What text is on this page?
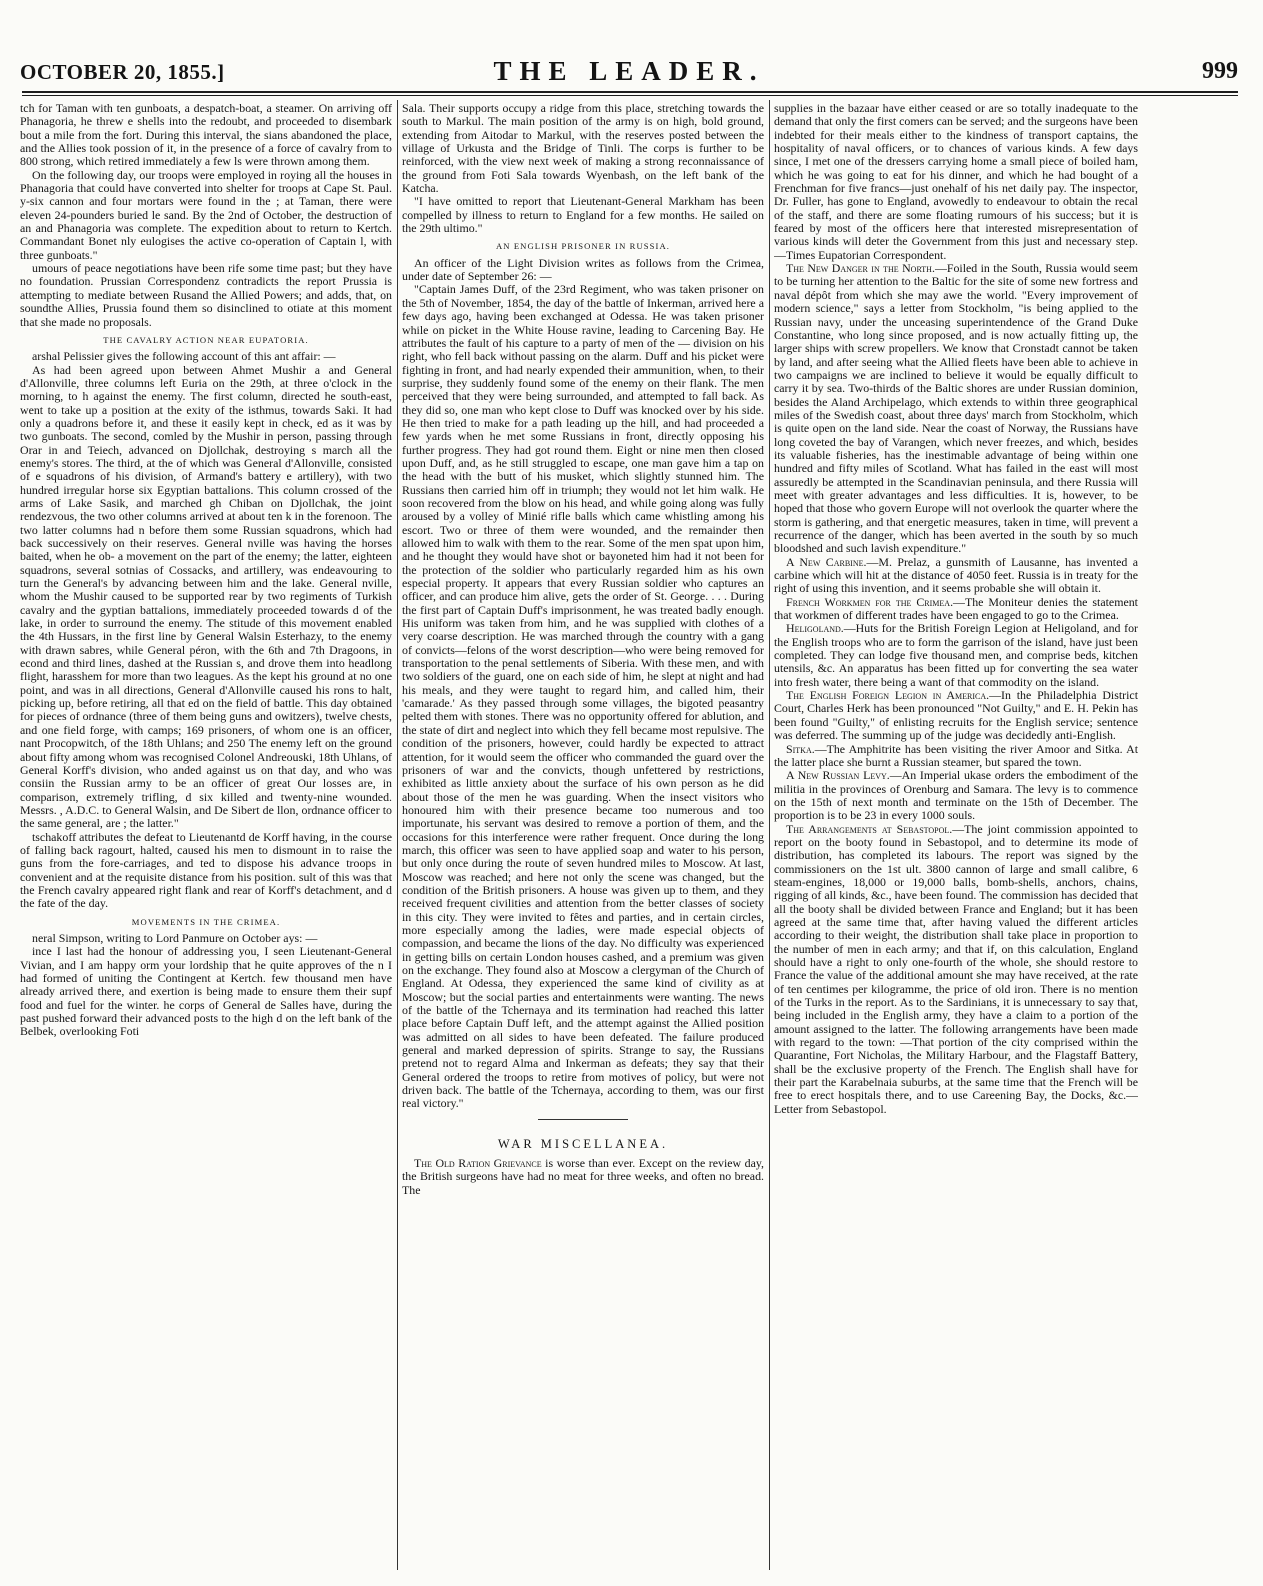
OCTOBER 20, 1855.]	THE LEADER.	999

tch for Taman with ten gunboats, a despatch-boat, a steamer. On arriving off Phanagoria, he threw e shells into the redoubt, and proceeded to disembark bout a mile from the fort. During this interval, the sians abandoned the place, and the Allies took possion of it, in the presence of a force of cavalry from to 800 strong, which retired immediately a few ls were thrown among them.

On the following day, our troops were employed in roying all the houses in Phanagoria that could have converted into shelter for troops at Cape St. Paul. y-six cannon and four mortars were found in the ; at Taman, there were eleven 24-pounders buried le sand. By the 2nd of October, the destruction of an and Phanagoria was complete. The expedition about to return to Kertch. Commandant Bonet nly eulogises the active co-operation of Captain l, with three gunboats."

umours of peace negotiations have been rife some time past; but they have no foundation. Prussian Correspondenz contradicts the report Prussia is attempting to mediate between Rusand the Allied Powers; and adds, that, on soundthe Allies, Prussia found them so disinclined to otiate at this moment that she made no proposals.

THE CAVALRY ACTION NEAR EUPATORIA.

arshal Pelissier gives the following account of this ant affair: —

As had been agreed upon between Ahmet Mushir a and General d'Allonville, three columns left Euria on the 29th, at three o'clock in the morning, to h against the enemy. The first column, directed he south-east, went to take up a position at the exity of the isthmus, towards Saki. It had only a quadrons before it, and these it easily kept in check, ed as it was by two gunboats. The second, comled by the Mushir in person, passing through Orar in and Teiech, advanced on Djollchak, destroying s march all the enemy's stores. The third, at the of which was General d'Allonville, consisted of e squadrons of his division, of Armand's battery e artillery), with two hundred irregular horse six Egyptian battalions. This column crossed of the arms of Lake Sasik, and marched gh Chiban on Djollchak, the joint rendezvous, the two other columns arrived at about ten k in the forenoon. The two latter columns had n before them some Russian squadrons, which had back successively on their reserves. General nville was having the horses baited, when he ob- a movement on the part of the enemy; the latter, eighteen squadrons, several sotnias of Cossacks, and artillery, was endeavouring to turn the General's by advancing between him and the lake. General nville, whom the Mushir caused to be supported rear by two regiments of Turkish cavalry and the gyptian battalions, immediately proceeded towards d of the lake, in order to surround the enemy. The stitude of this movement enabled the 4th Hussars, in the first line by General Walsin Esterhazy, to the enemy with drawn sabres, while General péron, with the 6th and 7th Dragoons, in econd and third lines, dashed at the Russian s, and drove them into headlong flight, harasshem for more than two leagues. As the kept his ground at no one point, and was in all directions, General d'Allonville caused his rons to halt, picking up, before retiring, all that ed on the field of battle. This day obtained for pieces of ordnance (three of them being guns and owitzers), twelve chests, and one field forge, with camps; 169 prisoners, of whom one is an officer, nant Procopwitch, of the 18th Uhlans; and 250 The enemy left on the ground about fifty among whom was recognised Colonel Andreouski, 18th Uhlans, of General Korff's division, who anded against us on that day, and who was consiin the Russian army to be an officer of great Our losses are, in comparison, extremely trifling, d six killed and twenty-nine wounded. Messrs. , A.D.C. to General Walsin, and De Sibert de llon, ordnance officer to the same general, are ; the latter."

tschakoff attributes the defeat to Lieutenantd de Korff having, in the course of falling back ragourt, halted, caused his men to dismount in to raise the guns from the fore-carriages, and ted to dispose his advance troops in convenient and at the requisite distance from his position. sult of this was that the French cavalry appeared right flank and rear of Korff's detachment, and d the fate of the day.

MOVEMENTS IN THE CRIMEA.

neral Simpson, writing to Lord Panmure on October ays: —

ince I last had the honour of addressing you, I seen Lieutenant-General Vivian, and I am happy orm your lordship that he quite approves of the n I had formed of uniting the Contingent at Kertch. few thousand men have already arrived there, and exertion is being made to ensure them their supf food and fuel for the winter. he corps of General de Salles have, during the past pushed forward their advanced posts to the high d on the left bank of the Belbek, overlooking Foti

Sala. Their supports occupy a ridge from this place, stretching towards the south to Markul. The main position of the army is on high, bold ground, extending from Aitodar to Markul, with the reserves posted between the village of Urkusta and the Bridge of Tinli. The corps is further to be reinforced, with the view next week of making a strong reconnaissance of the ground from Foti Sala towards Wyenbash, on the left bank of the Katcha.

"I have omitted to report that Lieutenant-General Markham has been compelled by illness to return to England for a few months. He sailed on the 29th ultimo."

AN ENGLISH PRISONER IN RUSSIA.

An officer of the Light Division writes as follows from the Crimea, under date of September 26: —

"Captain James Duff, of the 23rd Regiment, who was taken prisoner on the 5th of November, 1854, the day of the battle of Inkerman, arrived here a few days ago, having been exchanged at Odessa. He was taken prisoner while on picket in the White House ravine, leading to Carcening Bay. He attributes the fault of his capture to a party of men of the — division on his right, who fell back without passing on the alarm. Duff and his picket were fighting in front, and had nearly expended their ammunition, when, to their surprise, they suddenly found some of the enemy on their flank. The men perceived that they were being surrounded, and attempted to fall back. As they did so, one man who kept close to Duff was knocked over by his side. He then tried to make for a path leading up the hill, and had proceeded a few yards when he met some Russians in front, directly opposing his further progress. They had got round them. Eight or nine men then closed upon Duff, and, as he still struggled to escape, one man gave him a tap on the head with the butt of his musket, which slightly stunned him. The Russians then carried him off in triumph; they would not let him walk. He soon recovered from the blow on his head, and while going along was fully aroused by a volley of Minié rifle balls which came whistling among his escort. Two or three of them were wounded, and the remainder then allowed him to walk with them to the rear. Some of the men spat upon him, and he thought they would have shot or bayoneted him had it not been for the protection of the soldier who particularly regarded him as his own especial property. It appears that every Russian soldier who captures an officer, and can produce him alive, gets the order of St. George. . . . During the first part of Captain Duff's imprisonment, he was treated badly enough. His uniform was taken from him, and he was supplied with clothes of a very coarse description. He was marched through the country with a gang of convicts—felons of the worst description—who were being removed for transportation to the penal settlements of Siberia. With these men, and with two soldiers of the guard, one on each side of him, he slept at night and had his meals, and they were taught to regard him, and called him, their 'camarade.' As they passed through some villages, the bigoted peasantry pelted them with stones. There was no opportunity offered for ablution, and the state of dirt and neglect into which they fell became most repulsive. The condition of the prisoners, however, could hardly be expected to attract attention, for it would seem the officer who commanded the guard over the prisoners of war and the convicts, though unfettered by restrictions, exhibited as little anxiety about the surface of his own person as he did about those of the men he was guarding. When the insect visitors who honoured him with their presence became too numerous and too importunate, his servant was desired to remove a portion of them, and the occasions for this interference were rather frequent. Once during the long march, this officer was seen to have applied soap and water to his person, but only once during the route of seven hundred miles to Moscow. At last, Moscow was reached; and here not only the scene was changed, but the condition of the British prisoners. A house was given up to them, and they received frequent civilities and attention from the better classes of society in this city. They were invited to fêtes and parties, and in certain circles, more especially among the ladies, were made especial objects of compassion, and became the lions of the day. No difficulty was experienced in getting bills on certain London houses cashed, and a premium was given on the exchange. They found also at Moscow a clergyman of the Church of England. At Odessa, they experienced the same kind of civility as at Moscow; but the social parties and entertainments were wanting. The news of the battle of the Tchernaya and its termination had reached this latter place before Captain Duff left, and the attempt against the Allied position was admitted on all sides to have been defeated. The failure produced general and marked depression of spirits. Strange to say, the Russians pretend not to regard Alma and Inkerman as defeats; they say that their General ordered the troops to retire from motives of policy, but were not driven back. The battle of the Tchernaya, according to them, was our first real victory."

WAR MISCELLANEA.

The Old Ration Grievance is worse than ever. Except on the review day, the British surgeons have had no meat for three weeks, and often no bread. The

supplies in the bazaar have either ceased or are so totally inadequate to the demand that only the first comers can be served; and the surgeons have been indebted for their meals either to the kindness of transport captains, the hospitality of naval officers, or to chances of various kinds. A few days since, I met one of the dressers carrying home a small piece of boiled ham, which he was going to eat for his dinner, and which he had bought of a Frenchman for five francs—just onehalf of his net daily pay. The inspector, Dr. Fuller, has gone to England, avowedly to endeavour to obtain the recal of the staff, and there are some floating rumours of his success; but it is feared by most of the officers here that interested misrepresentation of various kinds will deter the Government from this just and necessary step.—Times Eupatorian Correspondent.

The New Danger in the North.—Foiled in the South, Russia would seem to be turning her attention to the Baltic for the site of some new fortress and naval dépôt from which she may awe the world. "Every improvement of modern science," says a letter from Stockholm, "is being applied to the Russian navy, under the unceasing superintendence of the Grand Duke Constantine, who long since proposed, and is now actually fitting up, the larger ships with screw propellers. We know that Cronstadt cannot be taken by land, and after seeing what the Allied fleets have been able to achieve in two campaigns we are inclined to believe it would be equally difficult to carry it by sea. Two-thirds of the Baltic shores are under Russian dominion, besides the Aland Archipelago, which extends to within three geographical miles of the Swedish coast, about three days' march from Stockholm, which is quite open on the land side. Near the coast of Norway, the Russians have long coveted the bay of Varangen, which never freezes, and which, besides its valuable fisheries, has the inestimable advantage of being within one hundred and fifty miles of Scotland. What has failed in the east will most assuredly be attempted in the Scandinavian peninsula, and there Russia will meet with greater advantages and less difficulties. It is, however, to be hoped that those who govern Europe will not overlook the quarter where the storm is gathering, and that energetic measures, taken in time, will prevent a recurrence of the danger, which has been averted in the south by so much bloodshed and such lavish expenditure."

A New Carbine.—M. Prelaz, a gunsmith of Lausanne, has invented a carbine which will hit at the distance of 4050 feet. Russia is in treaty for the right of using this invention, and it seems probable she will obtain it.

French Workmen for the Crimea.—The Moniteur denies the statement that workmen of different trades have been engaged to go to the Crimea.

Heligoland.—Huts for the British Foreign Legion at Heligoland, and for the English troops who are to form the garrison of the island, have just been completed. They can lodge five thousand men, and comprise beds, kitchen utensils, &c. An apparatus has been fitted up for converting the sea water into fresh water, there being a want of that commodity on the island.

The English Foreign Legion in America.—In the Philadelphia District Court, Charles Herk has been pronounced "Not Guilty," and E. H. Pekin has been found "Guilty," of enlisting recruits for the English service; sentence was deferred. The summing up of the judge was decidedly anti-English.

Sitka.—The Amphitrite has been visiting the river Amoor and Sitka. At the latter place she burnt a Russian steamer, but spared the town.

A New Russian Levy.—An Imperial ukase orders the embodiment of the militia in the provinces of Orenburg and Samara. The levy is to commence on the 15th of next month and terminate on the 15th of December. The proportion is to be 23 in every 1000 souls.

The Arrangements at Sebastopol.—The joint commission appointed to report on the booty found in Sebastopol, and to determine its mode of distribution, has completed its labours. The report was signed by the commissioners on the 1st ult. 3800 cannon of large and small calibre, 6 steam-engines, 18,000 or 19,000 balls, bomb-shells, anchors, chains, rigging of all kinds, &c., have been found. The commission has decided that all the booty shall be divided between France and England; but it has been agreed at the same time that, after having valued the different articles according to their weight, the distribution shall take place in proportion to the number of men in each army; and that if, on this calculation, England should have a right to only one-fourth of the whole, she should restore to France the value of the additional amount she may have received, at the rate of ten centimes per kilogramme, the price of old iron. There is no mention of the Turks in the report. As to the Sardinians, it is unnecessary to say that, being included in the English army, they have a claim to a portion of the amount assigned to the latter. The following arrangements have been made with regard to the town: —That portion of the city comprised within the Quarantine, Fort Nicholas, the Military Harbour, and the Flagstaff Battery, shall be the exclusive property of the French. The English shall have for their part the Karabelnaia suburbs, at the same time that the French will be free to erect hospitals there, and to use Careening Bay, the Docks, &c.—Letter from Sebastopol.
